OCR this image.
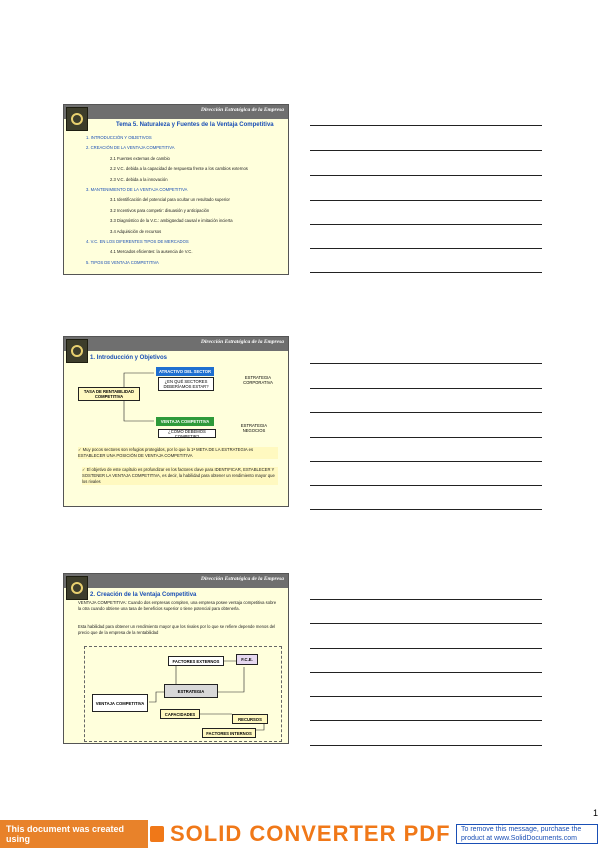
Dirección Estratégica de la Empresa
Tema 5. Naturaleza y Fuentes de la Ventaja Competitiva
1. INTRODUCCIÓN Y OBJETIVOS
2. CREACIÓN DE LA VENTAJA COMPETITIVA
2.1 Fuentes externas de cambio
2.2 V.C. debida a la capacidad de respuesta frente a los cambios externos
2.3 V.C. debida a la innovación
3. MANTENIMIENTO DE LA VENTAJA COMPETITIVA
3.1 Identificación del potencial para ocultar un resultado superior
3.2 Incentivos para competir: disuasión y anticipación
3.3 Diagnóstico de la V.C.: ambigüedad causal e imitación incierta
3.4 Adquisición de recursos
4. V.C. EN LOS DIFERENTES TIPOS DE MERCADOS
4.1 Mercados eficientes: la ausencia de V.C.
5. TIPOS DE VENTAJA COMPETITIVA
Dirección Estratégica de la Empresa
1. Introducción y Objetivos
ATRACTIVO DEL SECTOR
¿EN QUÉ SECTORES DEBERÍAMOS ESTAR?
ESTRATEGIA CORPORATIVA
TASA DE RENTABILIDAD COMPETITIVA
VENTAJA COMPETITIVA
ESTRATEGIA NEGOCIOS
¿CÓMO DEBEMOS COMPETIR?
✓ Muy pocos sectores son refugios protegidos, por lo que la 1ª META DE LA ESTRATEGIA es ESTABLECER UNA POSICIÓN DE VENTAJA COMPETITIVA
✓ El objetivo de este capítulo es profundizar en los factores clave para IDENTIFICAR, ESTABLECER Y SOSTENER LA VENTAJA COMPETITIVA, es decir, la habilidad para obtener un rendimiento mayor que los rivales
Dirección Estratégica de la Empresa
2. Creación de la Ventaja Competitiva
VENTAJA COMPETITIVA: Cuando dos empresas compiten, una empresa posee ventaja competitiva sobre la otra cuando obtiene una tasa de beneficios superior o tiene potencial para obtenerla.
Esta habilidad para obtener un rendimiento mayor que los rivales por lo que se refiere depende menos del precio que de la empresa de la rentabilidad
FACTORES EXTERNOS	F.C.E.
ESTRATEGIA
VENTAJA COMPETITIVA
CAPACIDADES
RECURSOS
FACTORES INTERNOS
1
This document was created using	SOLID CONVERTER PDF To remove this message, purchase the
product at www.SolidDocuments.com
